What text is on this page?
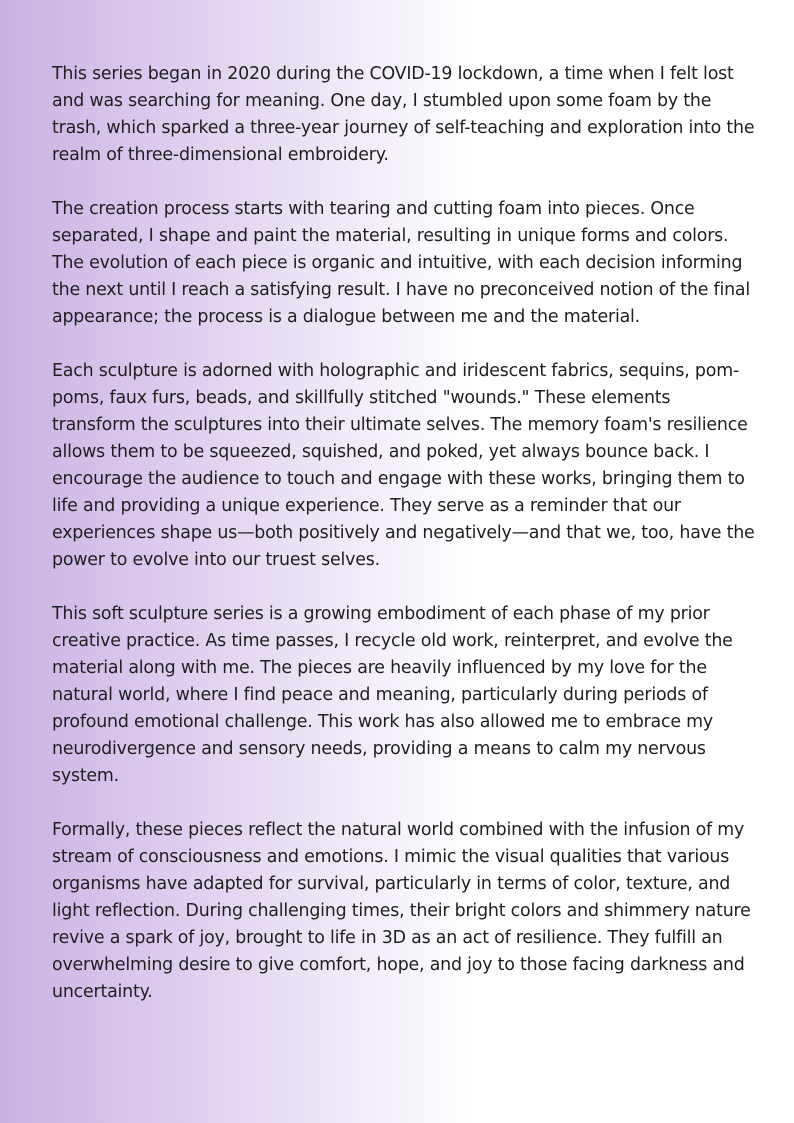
This series began in 2020 during the COVID-19 lockdown, a time when I felt lost and was searching for meaning. One day, I stumbled upon some foam by the trash, which sparked a three-year journey of self-teaching and exploration into the realm of three-dimensional embroidery.

The creation process starts with tearing and cutting foam into pieces. Once separated, I shape and paint the material, resulting in unique forms and colors. The evolution of each piece is organic and intuitive, with each decision informing the next until I reach a satisfying result. I have no preconceived notion of the final appearance; the process is a dialogue between me and the material.

Each sculpture is adorned with holographic and iridescent fabrics, sequins, pom-poms, faux furs, beads, and skillfully stitched "wounds." These elements transform the sculptures into their ultimate selves. The memory foam's resilience allows them to be squeezed, squished, and poked, yet always bounce back. I encourage the audience to touch and engage with these works, bringing them to life and providing a unique experience. They serve as a reminder that our experiences shape us—both positively and negatively—and that we, too, have the power to evolve into our truest selves.

This soft sculpture series is a growing embodiment of each phase of my prior creative practice. As time passes, I recycle old work, reinterpret, and evolve the material along with me. The pieces are heavily influenced by my love for the natural world, where I find peace and meaning, particularly during periods of profound emotional challenge. This work has also allowed me to embrace my neurodivergence and sensory needs, providing a means to calm my nervous system.

Formally, these pieces reflect the natural world combined with the infusion of my stream of consciousness and emotions. I mimic the visual qualities that various organisms have adapted for survival, particularly in terms of color, texture, and light reflection. During challenging times, their bright colors and shimmery nature revive a spark of joy, brought to life in 3D as an act of resilience. They fulfill an overwhelming desire to give comfort, hope, and joy to those facing darkness and uncertainty.
